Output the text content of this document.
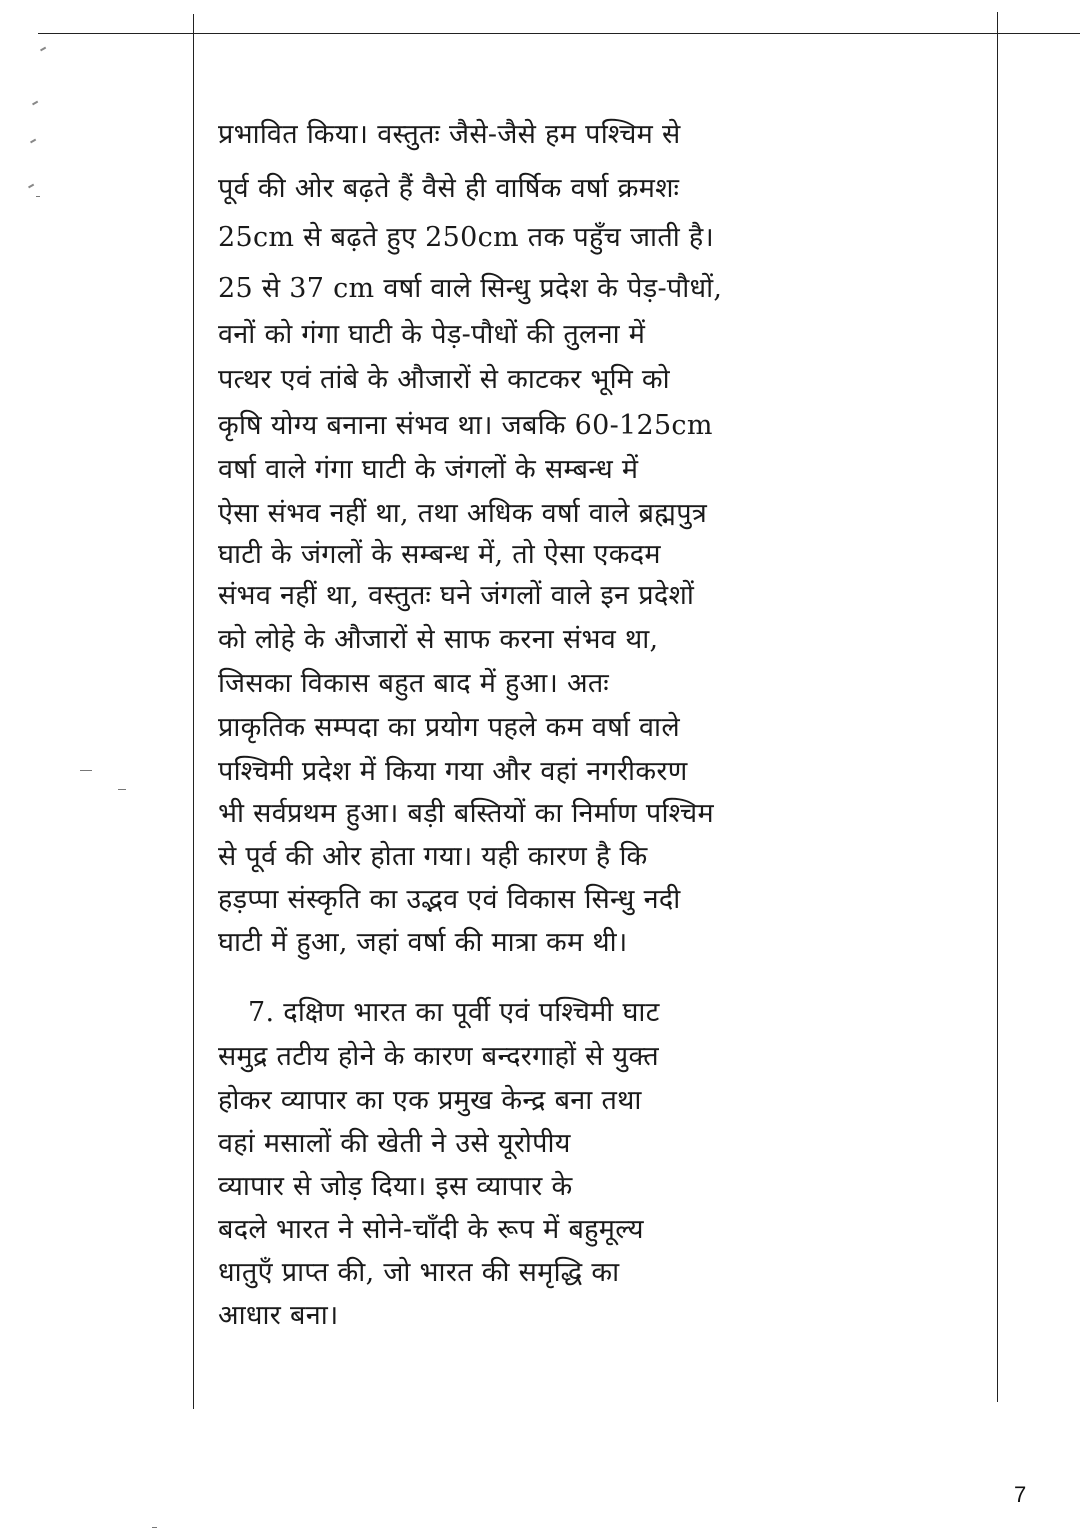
प्रभावित किया। वस्तुतः जैसे-जैसे हम पश्चिम से
पूर्व की ओर बढ़ते हैं वैसे ही वार्षिक वर्षा क्रमशः
25cm से बढ़ते हुए 250cm तक पहुँच जाती है।
25 से 37 cm वर्षा वाले सिन्धु प्रदेश के पेड़-पौधों,
वनों को गंगा घाटी के पेड़-पौधों की तुलना में
पत्थर एवं तांबे के औजारों से काटकर भूमि को
कृषि योग्य बनाना संभव था। जबकि 60-125cm
वर्षा वाले गंगा घाटी के जंगलों के सम्बन्ध में
ऐसा संभव नहीं था, तथा अधिक वर्षा वाले ब्रह्मपुत्र
घाटी के जंगलों के सम्बन्ध में, तो ऐसा एकदम
संभव नहीं था, वस्तुतः घने जंगलों वाले इन प्रदेशों
को लोहे के औजारों से साफ करना संभव था,
जिसका विकास बहुत बाद में हुआ। अतः
प्राकृतिक सम्पदा का प्रयोग पहले कम वर्षा वाले
पश्चिमी प्रदेश में किया गया और वहां नगरीकरण
भी सर्वप्रथम हुआ। बड़ी बस्तियों का निर्माण पश्चिम
से पूर्व की ओर होता गया। यही कारण है कि
हड़प्पा संस्कृति का उद्भव एवं विकास सिन्धु नदी
घाटी में हुआ, जहां वर्षा की मात्रा कम थी।
7. दक्षिण भारत का पूर्वी एवं पश्चिमी घाट
समुद्र तटीय होने के कारण बन्दरगाहों से युक्त
होकर व्यापार का एक प्रमुख केन्द्र बना तथा
वहां मसालों की खेती ने उसे यूरोपीय
व्यापार से जोड़ दिया। इस व्यापार के
बदले भारत ने सोने-चाँदी के रूप में बहुमूल्य
धातुएँ प्राप्त की, जो भारत की समृद्धि का
आधार बना।
7
